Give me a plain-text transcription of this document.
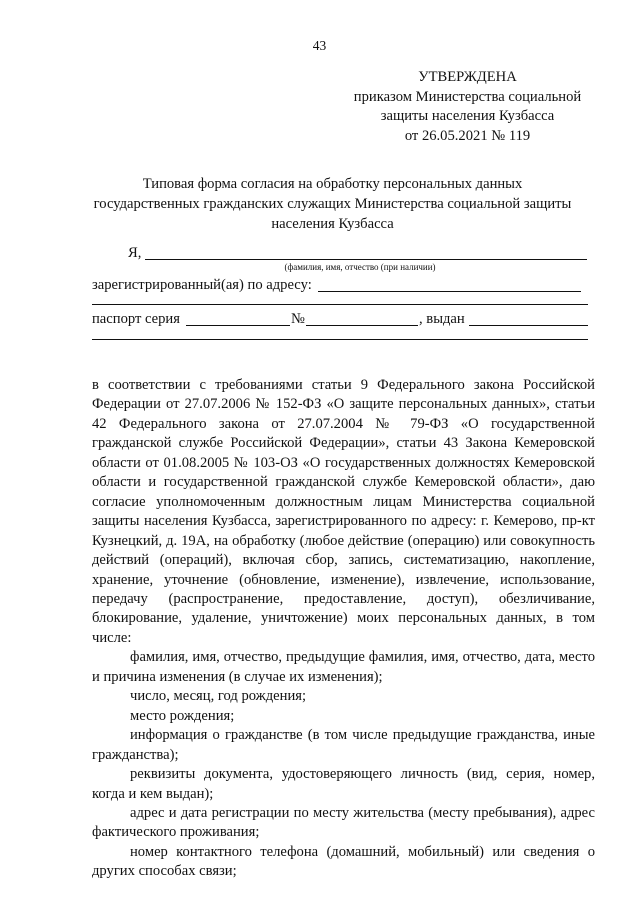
43
УТВЕРЖДЕНА
приказом Министерства социальной
защиты населения Кузбасса
от 26.05.2021 № 119
Типовая форма согласия на обработку персональных данных
государственных гражданских служащих Министерства социальной защиты
населения Кузбасса
Я,
(фамилия, имя, отчество (при наличии)
зарегистрированный(ая) по адресу:
паспорт серия	№	, выдан

в соответствии с требованиями статьи 9 Федерального закона Российской Федерации от 27.07.2006 № 152-ФЗ «О защите персональных данных», статьи 42 Федерального закона от 27.07.2004 № 79-ФЗ «О государственной гражданской службе Российской Федерации», статьи 43 Закона Кемеровской области от 01.08.2005 № 103-ОЗ «О государственных должностях Кемеровской области и государственной гражданской службе Кемеровской области», даю согласие уполномоченным должностным лицам Министерства социальной защиты населения Кузбасса, зарегистрированного по адресу: г. Кемерово, пр-кт Кузнецкий, д. 19А, на обработку (любое действие (операцию) или совокупность действий (операций), включая сбор, запись, систематизацию, накопление, хранение, уточнение (обновление, изменение), извлечение, использование, передачу (распространение, предоставление, доступ), обезличивание, блокирование, удаление, уничтожение) моих персональных данных, в том числе:

фамилия, имя, отчество, предыдущие фамилия, имя, отчество, дата, место и причина изменения (в случае их изменения);

число, месяц, год рождения;

место рождения;

информация о гражданстве (в том числе предыдущие гражданства, иные гражданства);

реквизиты документа, удостоверяющего личность (вид, серия, номер, когда и кем выдан);

адрес и дата регистрации по месту жительства (месту пребывания), адрес фактического проживания;

номер контактного телефона (домашний, мобильный) или сведения о других способах связи;
